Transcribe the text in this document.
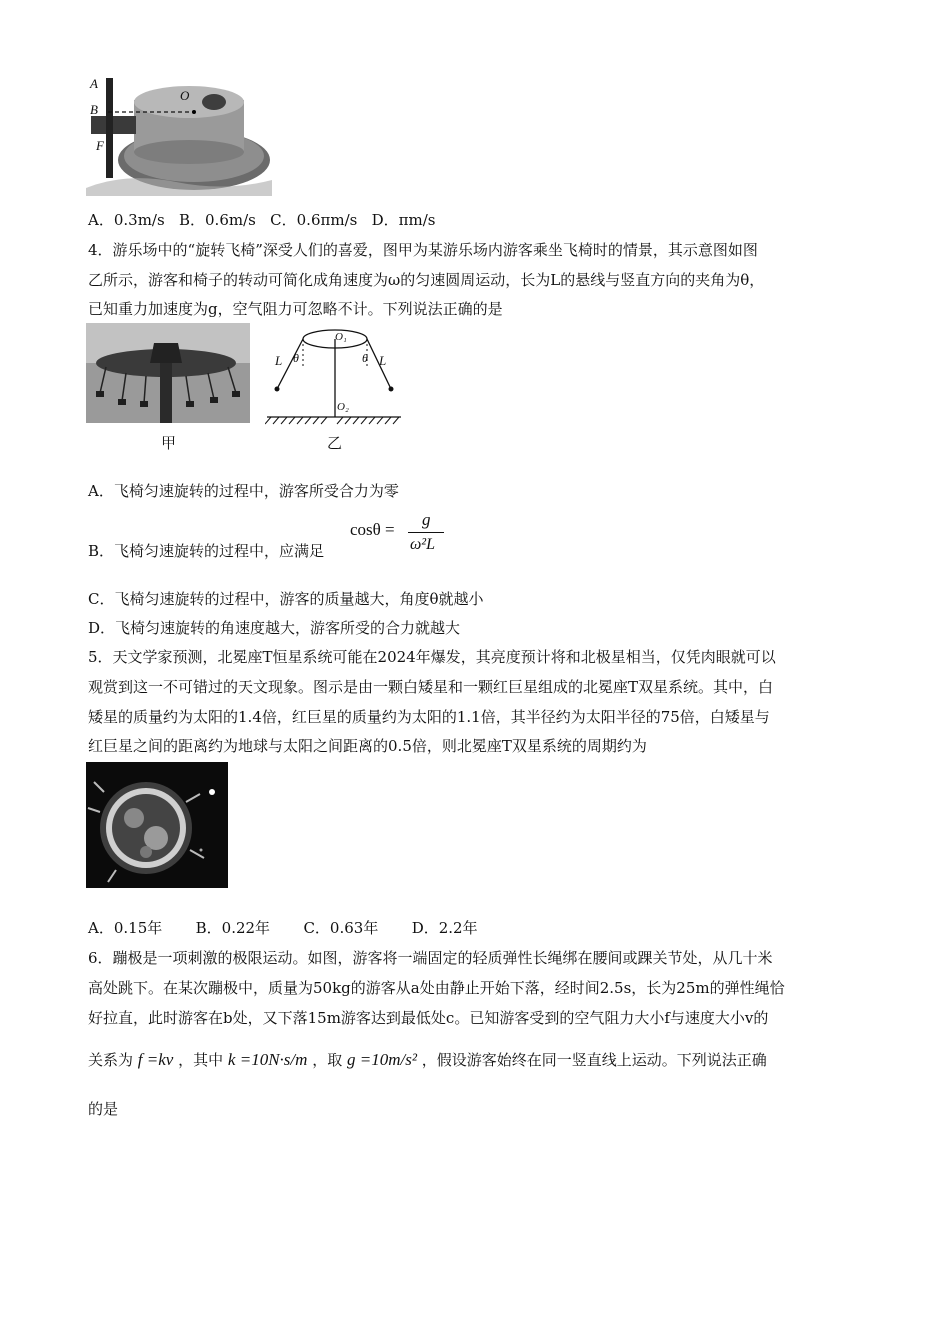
A
B
F
O
A．0.3m/s B．0.6m/s C．0.6πm/s D．πm/s
4．游乐场中的“旋转飞椅”深受人们的喜爱，图甲为某游乐场内游客乘坐飞椅时的情景，其示意图如图
乙所示，游客和椅子的转动可简化成角速度为ω的匀速圆周运动，长为L的悬线与竖直方向的夹角为θ，
已知重力加速度为g，空气阻力可忽略不计。下列说法正确的是
甲
L θ	θ L
O₁
O₂
乙
A．飞椅匀速旋转的过程中，游客所受合力为零
B．飞椅匀速旋转的过程中，应满足
cosθ =
g
ω²L
C．飞椅匀速旋转的过程中，游客的质量越大，角度θ就越小
D．飞椅匀速旋转的角速度越大，游客所受的合力就越大
5．天文学家预测，北冕座T恒星系统可能在2024年爆发，其亮度预计将和北极星相当，仅凭肉眼就可以
观赏到这一不可错过的天文现象。图示是由一颗白矮星和一颗红巨星组成的北冕座T双星系统。其中，白
矮星的质量约为太阳的1.4倍，红巨星的质量约为太阳的1.1倍，其半径约为太阳半径的75倍，白矮星与
红巨星之间的距离约为地球与太阳之间距离的0.5倍，则北冕座T双星系统的周期约为
A．0.15年 B．0.22年 C．0.63年 D．2.2年
6．蹦极是一项刺激的极限运动。如图，游客将一端固定的轻质弹性长绳绑在腰间或踝关节处，从几十米
高处跳下。在某次蹦极中，质量为50kg的游客从a处由静止开始下落，经时间2.5s，长为25m的弹性绳恰
好拉直，此时游客在b处，又下落15m游客达到最低处c。已知游客受到的空气阻力大小f与速度大小v的
关系为 f =kv ，其中 k =10N·s/m ，取 g =10m/s² ，假设游客始终在同一竖直线上运动。下列说法正确
的是
